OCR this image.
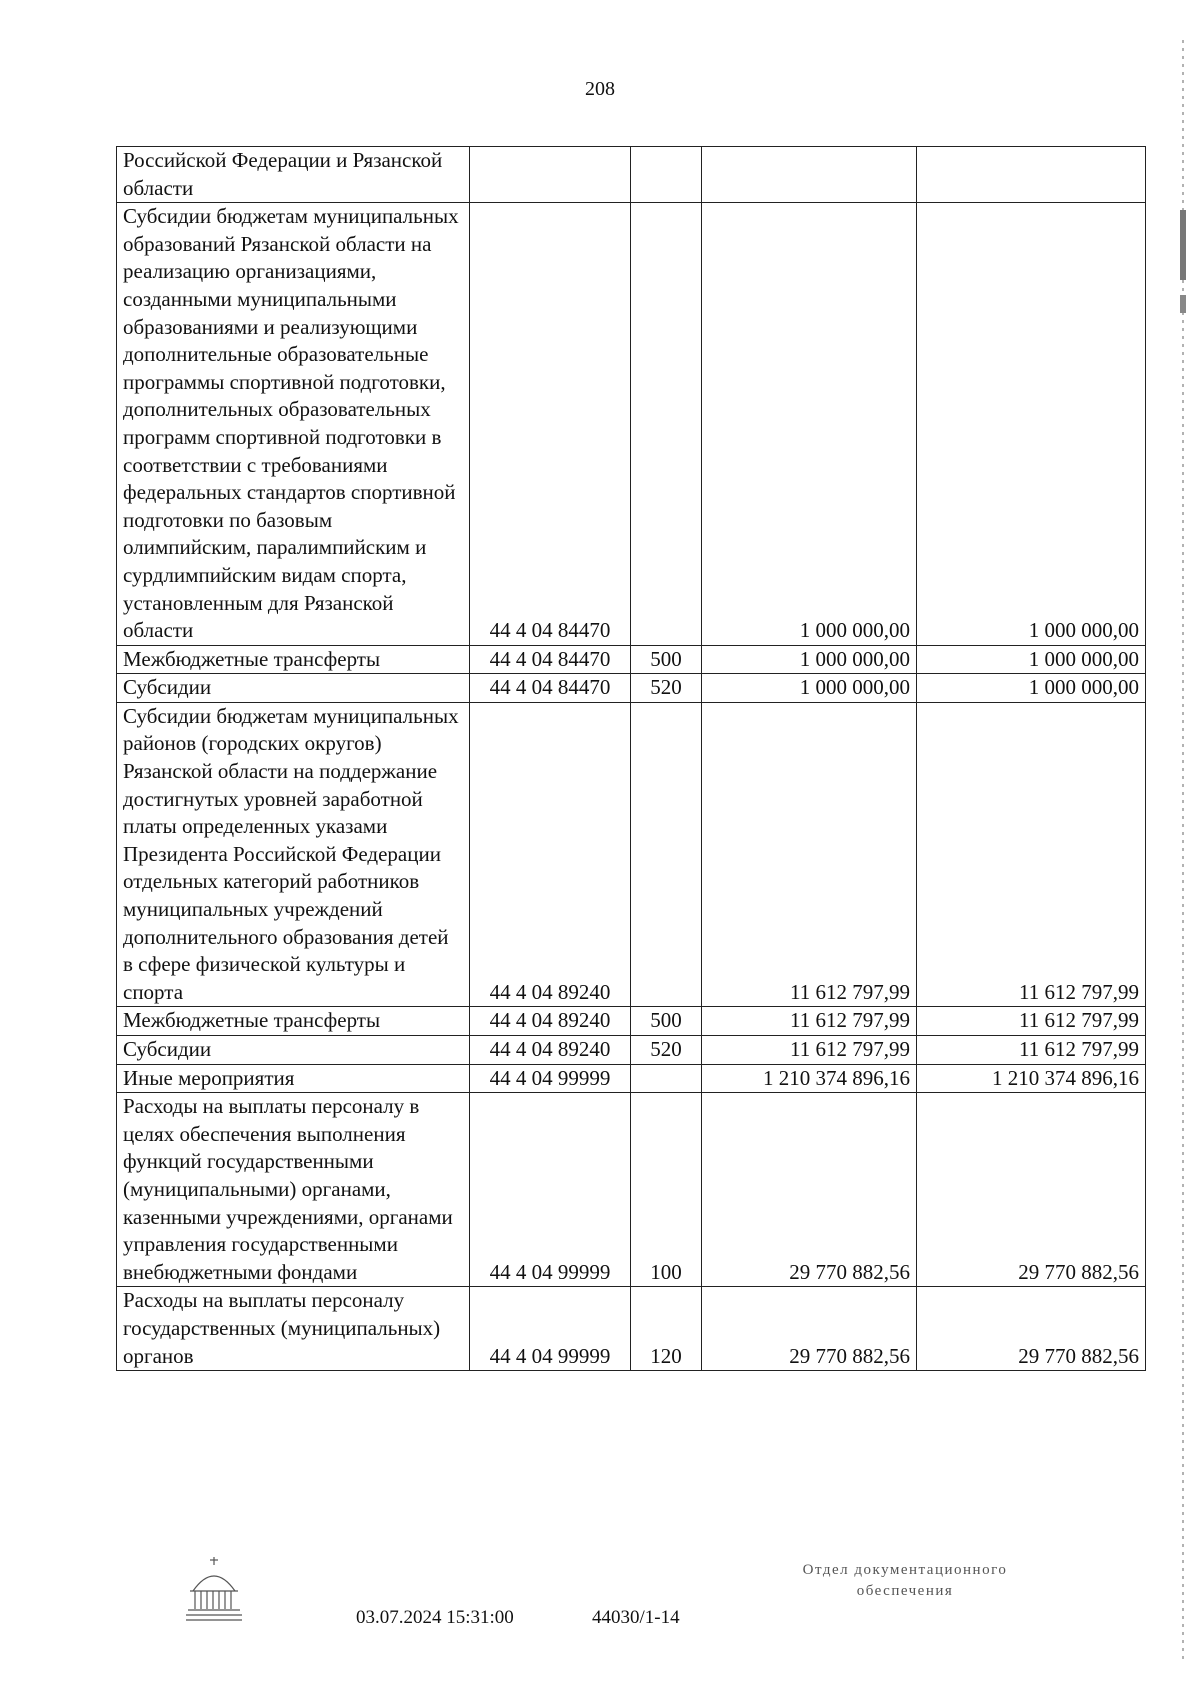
208
Российской Федерации и Рязанской области				
Субсидии бюджетам муниципальных образований Рязанской области на реализацию организациями, созданными муниципальными образованиями и реализующими дополнительные образовательные программы спортивной подготовки, дополнительных образовательных программ спортивной подготовки в соответствии с требованиями федеральных стандартов спортивной подготовки по базовым олимпийским, паралимпийским и сурдлимпийским видам спорта, установленным для Рязанской области	44 4 04 84470		1 000 000,00	1 000 000,00
Межбюджетные трансферты	44 4 04 84470	500	1 000 000,00	1 000 000,00
Субсидии	44 4 04 84470	520	1 000 000,00	1 000 000,00
Субсидии бюджетам муниципальных районов (городских округов) Рязанской области на поддержание достигнутых уровней заработной платы определенных указами Президента Российской Федерации отдельных категорий работников муниципальных учреждений дополнительного образования детей в сфере физической культуры и спорта	44 4 04 89240		11 612 797,99	11 612 797,99
Межбюджетные трансферты	44 4 04 89240	500	11 612 797,99	11 612 797,99
Субсидии	44 4 04 89240	520	11 612 797,99	11 612 797,99
Иные мероприятия	44 4 04 99999		1 210 374 896,16	1 210 374 896,16
Расходы на выплаты персоналу в целях обеспечения выполнения функций государственными (муниципальными) органами, казенными учреждениями, органами управления государственными внебюджетными фондами	44 4 04 99999	100	29 770 882,56	29 770 882,56
Расходы на выплаты персоналу государственных (муниципальных) органов	44 4 04 99999	120	29 770 882,56	29 770 882,56
03.07.2024 15:31:00	44030/1-14
Отдел документационного
обеспечения
